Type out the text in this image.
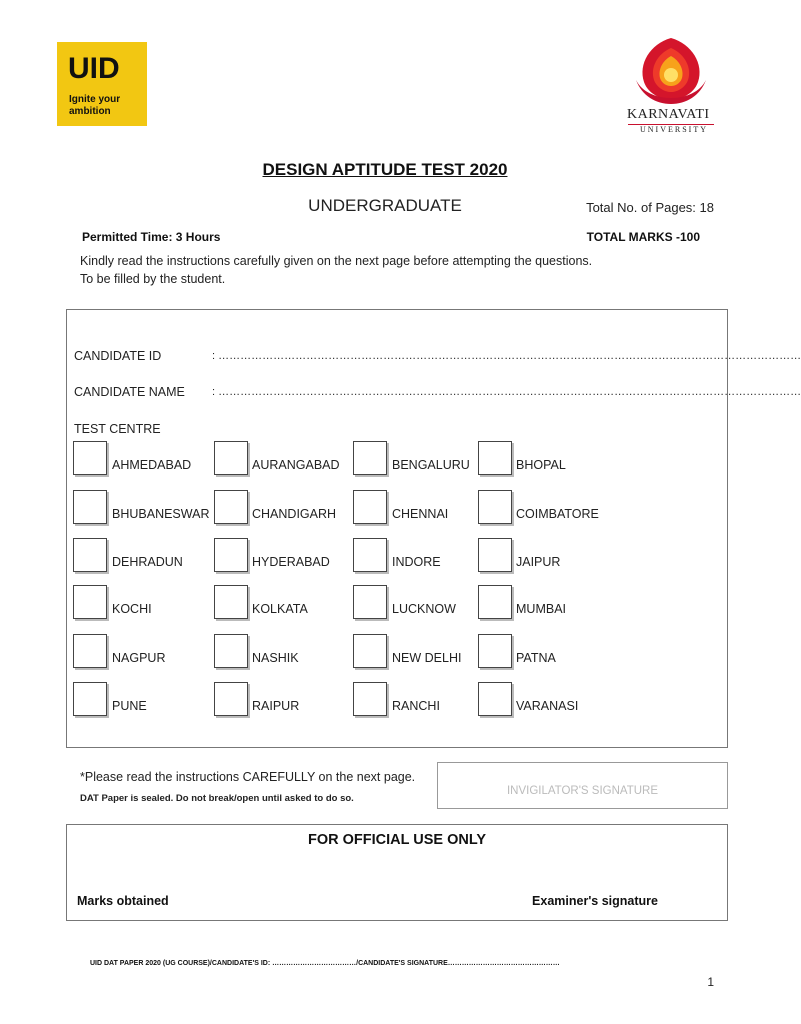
UID
Ignite your
ambition	KARNAVATI
UNIVERSITY
DESIGN APTITUDE TEST 2020
UNDERGRADUATE	Total No. of Pages: 18
Permitted Time: 3 Hours	TOTAL MARKS -100
Kindly read the instructions carefully given on the next page before attempting the questions.
To be filled by the student.
CANDIDATE ID	: ……………………………………………………………………………………………………………………………………………
CANDIDATE NAME : ……………………………………………………………………………………………………………………………………………
TEST CENTRE
AHMEDABAD	AURANGABAD	BENGALURU	BHOPAL
BHUBANESWAR	CHANDIGARH	CHENNAI	COIMBATORE
DEHRADUN	HYDERABAD	INDORE	JAIPUR
KOCHI	KOLKATA	LUCKNOW	MUMBAI
NAGPUR	NASHIK	NEW DELHI	PATNA
PUNE	RAIPUR	RANCHI	VARANASI
*Please read the instructions CAREFULLY on the next page.
DAT Paper is sealed. Do not break/open until asked to do so.
INVIGILATOR'S SIGNATURE
FOR OFFICIAL USE ONLY
Marks obtained	Examiner's signature
UID DAT PAPER 2020 (UG COURSE)/CANDIDATE'S ID: ………………………………/CANDIDATE'S SIGNATURE…………………………………………
1
